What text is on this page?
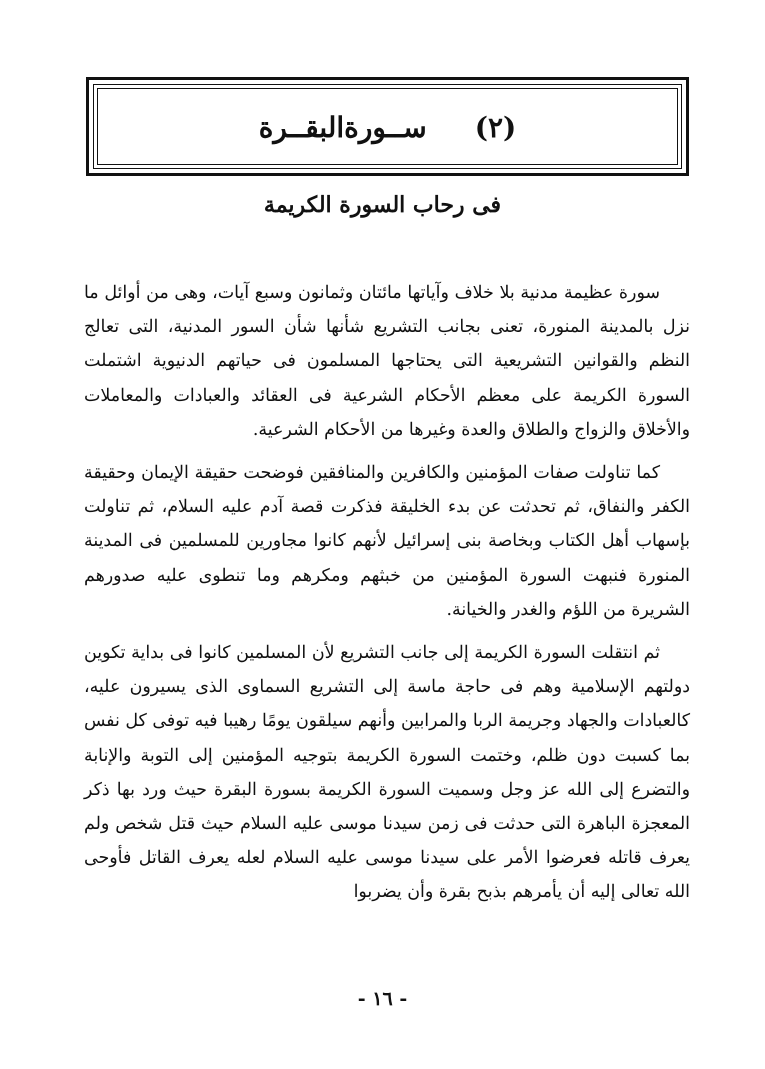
(٢)
ســورةالبقــرة
فى رحاب السورة الكريمة

سورة عظيمة مدنية بلا خلاف وآياتها مائتان وثمانون وسبع آيات، وهى من أوائل ما نزل بالمدينة المنورة، تعنى بجانب التشريع شأنها شأن السور المدنية، التى تعالج النظم والقوانين التشريعية التى يحتاجها المسلمون فى حياتهم الدنيوية اشتملت السورة الكريمة على معظم الأحكام الشرعية فى العقائد والعبادات والمعاملات والأخلاق والزواج والطلاق والعدة وغيرها من الأحكام الشرعية.

كما تناولت صفات المؤمنين والكافرين والمنافقين فوضحت حقيقة الإيمان وحقيقة الكفر والنفاق، ثم تحدثت عن بدء الخليقة فذكرت قصة آدم عليه السلام، ثم تناولت بإسهاب أهل الكتاب وبخاصة بنى إسرائيل لأنهم كانوا مجاورين للمسلمين فى المدينة المنورة فنبهت السورة المؤمنين من خبثهم ومكرهم وما تنطوى عليه صدورهم الشريرة من اللؤم والغدر والخيانة.

ثم انتقلت السورة الكريمة إلى جانب التشريع لأن المسلمين كانوا فى بداية تكوين دولتهم الإسلامية وهم فى حاجة ماسة إلى التشريع السماوى الذى يسيرون عليه، كالعبادات والجهاد وجريمة الربا والمرابين وأنهم سيلقون يومًا رهيبا فيه توفى كل نفس بما كسبت دون ظلم، وختمت السورة الكريمة بتوجيه المؤمنين إلى التوبة والإنابة والتضرع إلى الله عز وجل وسميت السورة الكريمة بسورة البقرة حيث ورد بها ذكر المعجزة الباهرة التى حدثت فى زمن سيدنا موسى عليه السلام حيث قتل شخص ولم يعرف قاتله فعرضوا الأمر على سيدنا موسى عليه السلام لعله يعرف القاتل فأوحى الله تعالى إليه أن يأمرهم بذبح بقرة وأن يضربوا

- ١٦ -
